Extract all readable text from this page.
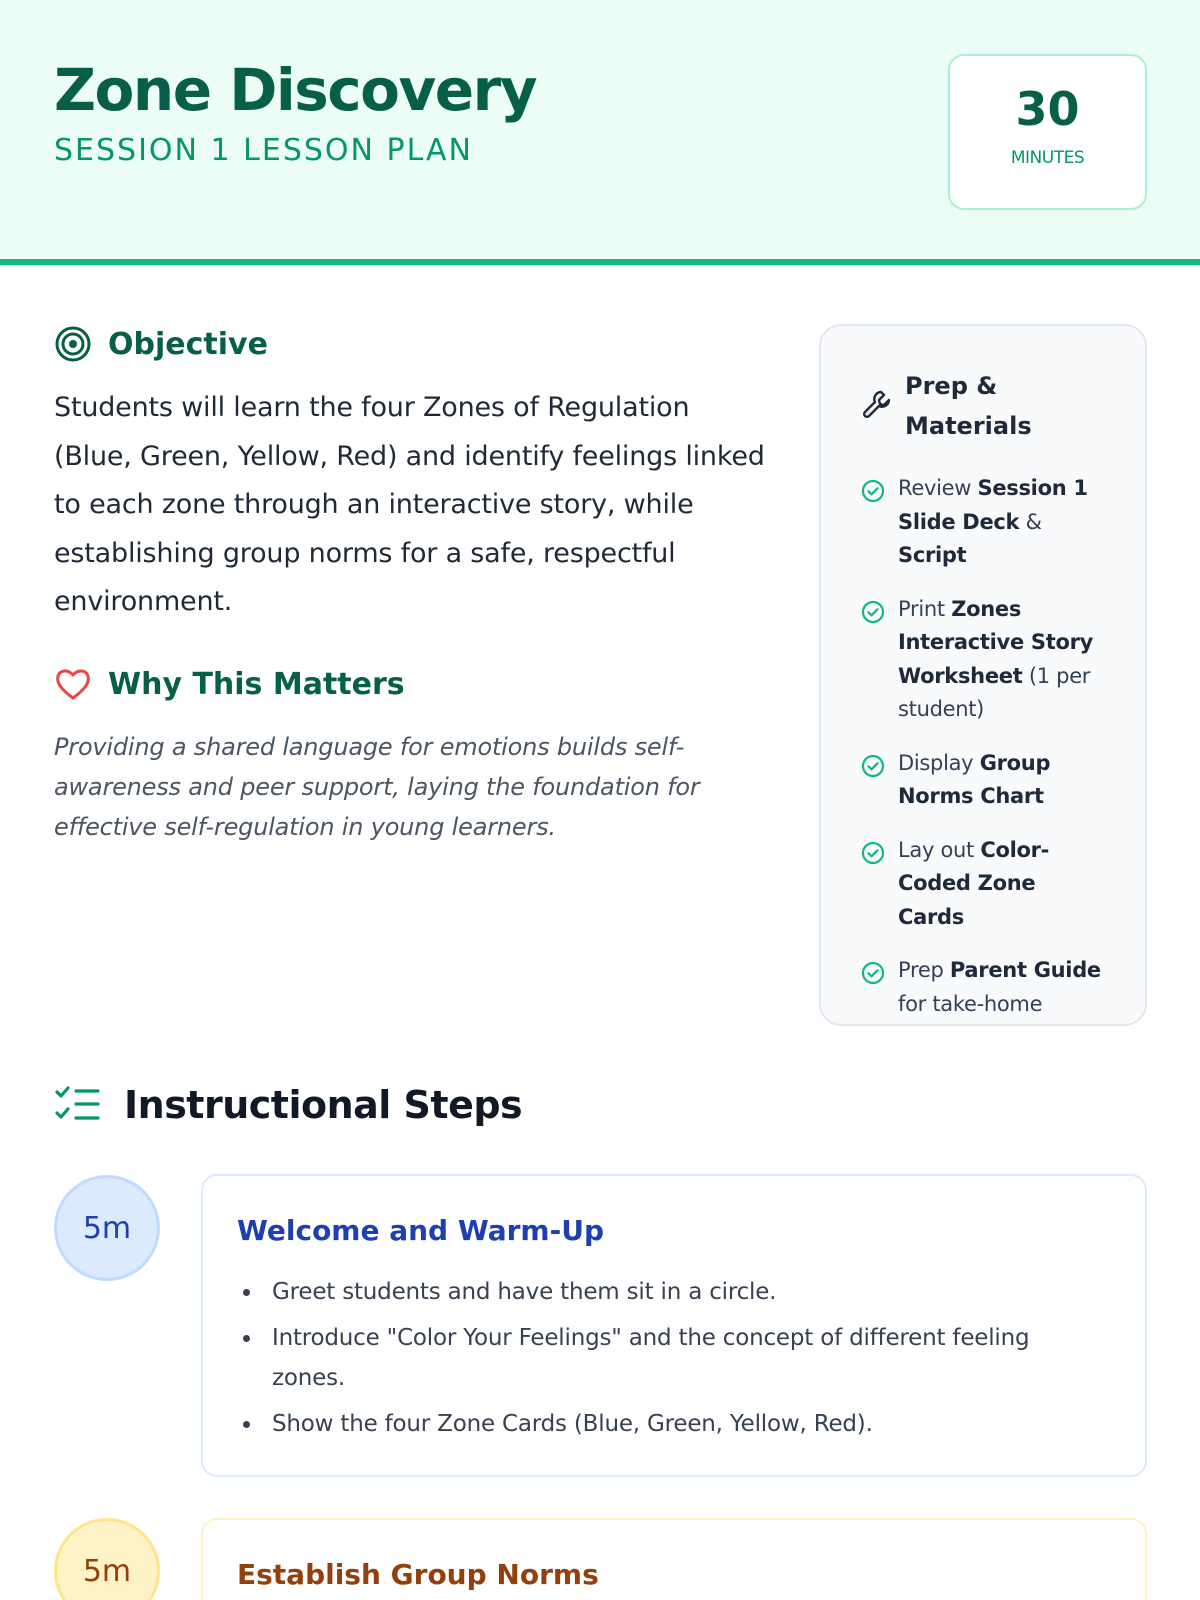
Zone Discovery
SESSION 1 LESSON PLAN
30
MINUTES
Objective

Students will learn the four Zones of Regulation (Blue, Green, Yellow, Red) and identify feelings linked to each zone through an interactive story, while establishing group norms for a safe, respectful environment.

Why This Matters

Providing a shared language for emotions builds self-awareness and peer support, laying the foundation for effective self-regulation in young learners.

Prep & Materials
Review Session 1 Slide Deck & Script
Print Zones Interactive Story Worksheet (1 per student)
Display Group Norms Chart
Lay out Color-Coded Zone Cards
Prep Parent Guide for take-home
Instructional Steps
5m	Welcome and Warm-Up
Greet students and have them sit in a circle.
Introduce "Color Your Feelings" and the concept of different feeling zones.
Show the four Zone Cards (Blue, Green, Yellow, Red).
5m	Establish Group Norms
